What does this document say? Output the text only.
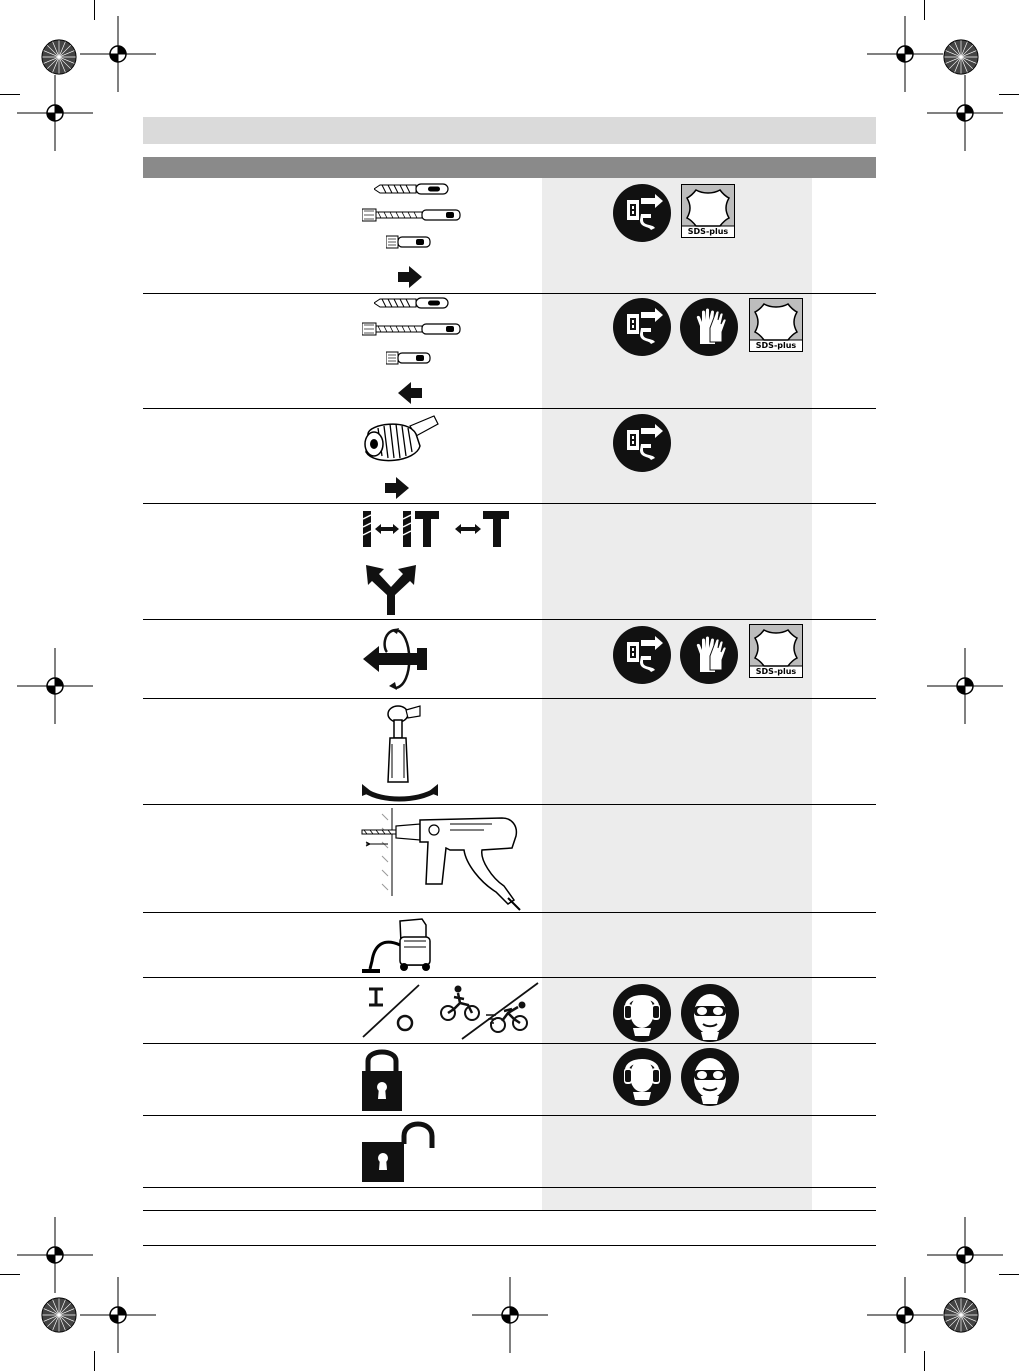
SDS-plus
SDS-plus
SDS-plus
